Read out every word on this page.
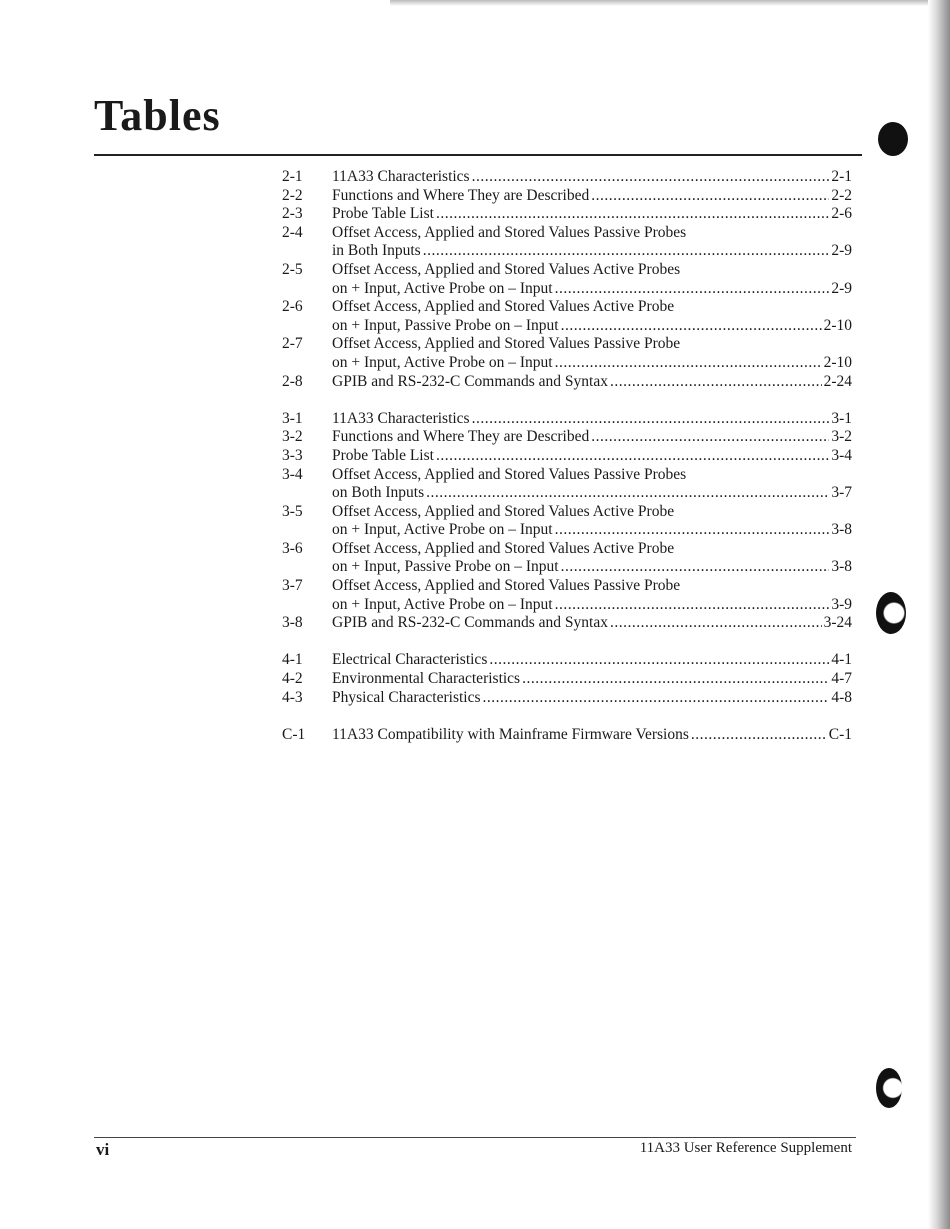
Tables
2-1	11A33 Characteristics .....	2-1
2-2	Functions and Where They are Described .....	2-2
2-3	Probe Table List .....	2-6
2-4	Offset Access, Applied and Stored Values Passive Probes
in Both Inputs .....	2-9
2-5	Offset Access, Applied and Stored Values Active Probes
on + Input, Active Probe on – Input .....	2-9
2-6	Offset Access, Applied and Stored Values Active Probe
on + Input, Passive Probe on – Input .....	2-10
2-7	Offset Access, Applied and Stored Values Passive Probe
on + Input, Active Probe on – Input .....	2-10
2-8	GPIB and RS-232-C Commands and Syntax .....	2-24
3-1	11A33 Characteristics .....	3-1
3-2	Functions and Where They are Described .....	3-2
3-3	Probe Table List .....	3-4
3-4	Offset Access, Applied and Stored Values Passive Probes
on Both Inputs .....	3-7
3-5	Offset Access, Applied and Stored Values Active Probe
on + Input, Active Probe on – Input .....	3-8
3-6	Offset Access, Applied and Stored Values Active Probe
on + Input, Passive Probe on – Input .....	3-8
3-7	Offset Access, Applied and Stored Values Passive Probe
on + Input, Active Probe on – Input .....	3-9
3-8	GPIB and RS-232-C Commands and Syntax .....	3-24
4-1	Electrical Characteristics .....	4-1
4-2	Environmental Characteristics .....	4-7
4-3	Physical Characteristics .....	4-8
C-1	11A33 Compatibility with Mainframe Firmware Versions .....	C-1
vi	11A33 User Reference Supplement
